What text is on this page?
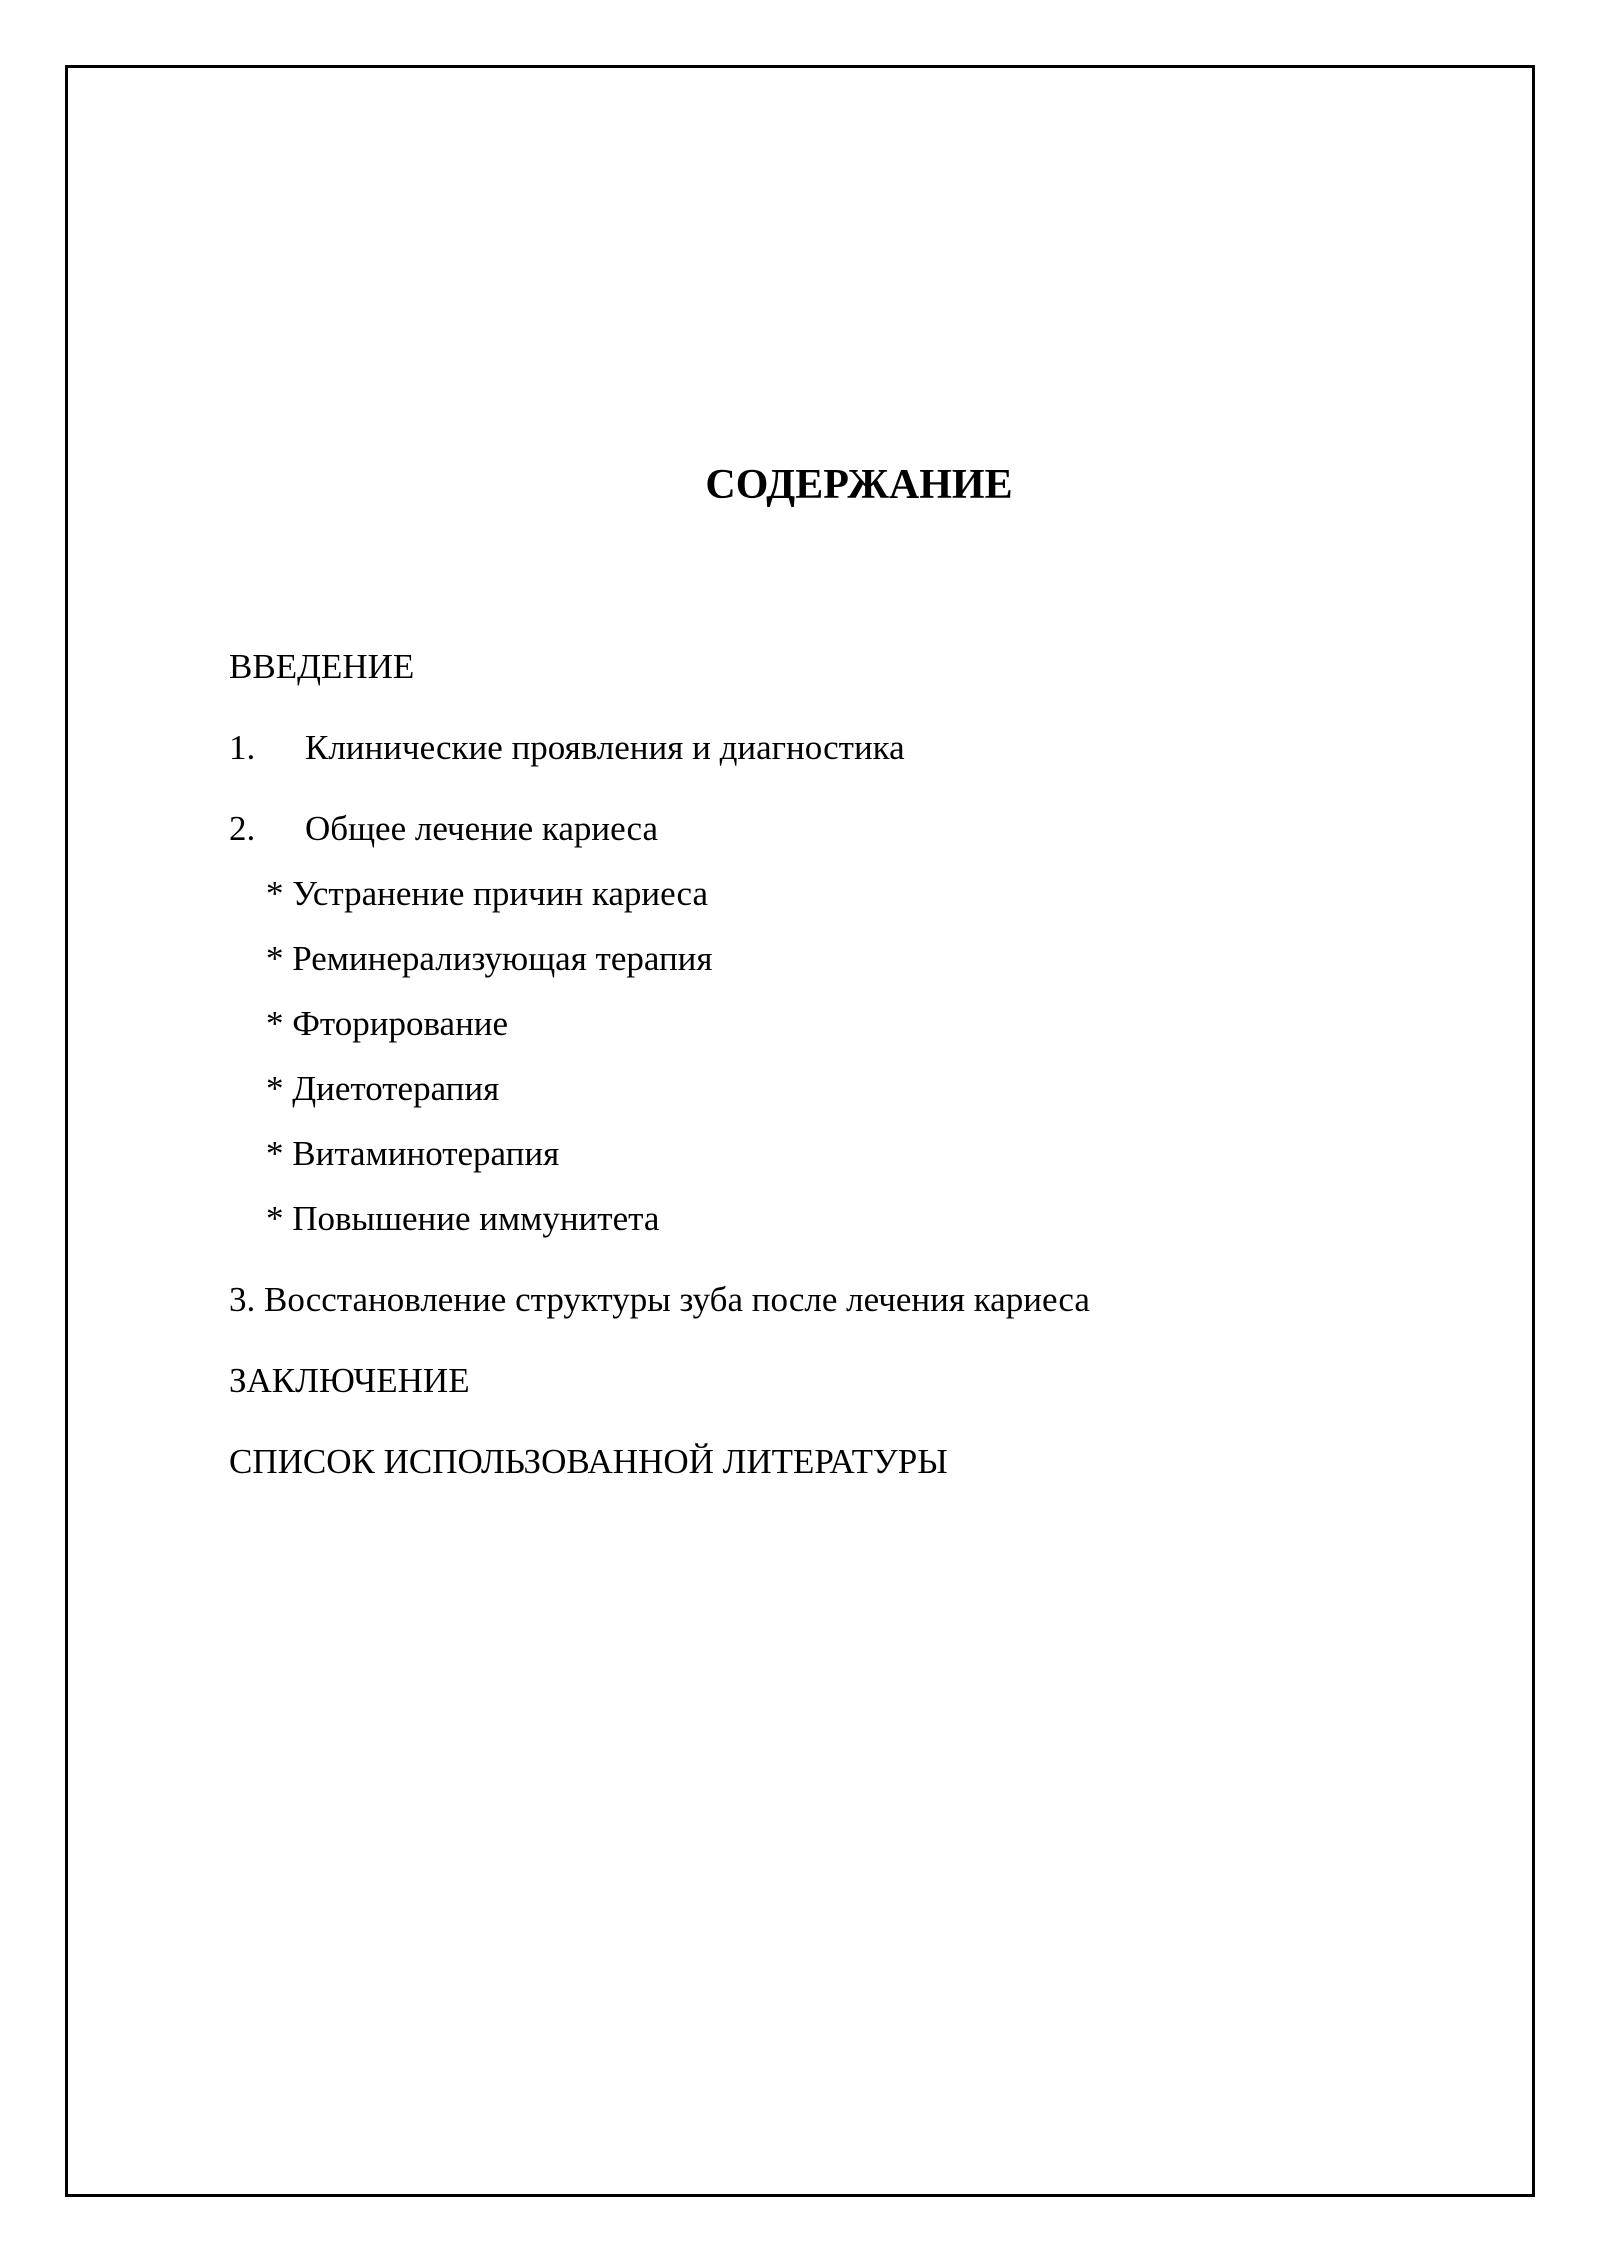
СОДЕРЖАНИЕ
ВВЕДЕНИЕ
1. Клинические проявления и диагностика
2. Общее лечение кариеса
* Устранение причин кариеса
* Реминерализующая терапия
* Фторирование
* Диетотерапия
* Витаминотерапия
* Повышение иммунитета
3. Восстановление структуры зуба после лечения кариеса
ЗАКЛЮЧЕНИЕ
СПИСОК ИСПОЛЬЗОВАННОЙ ЛИТЕРАТУРЫ
